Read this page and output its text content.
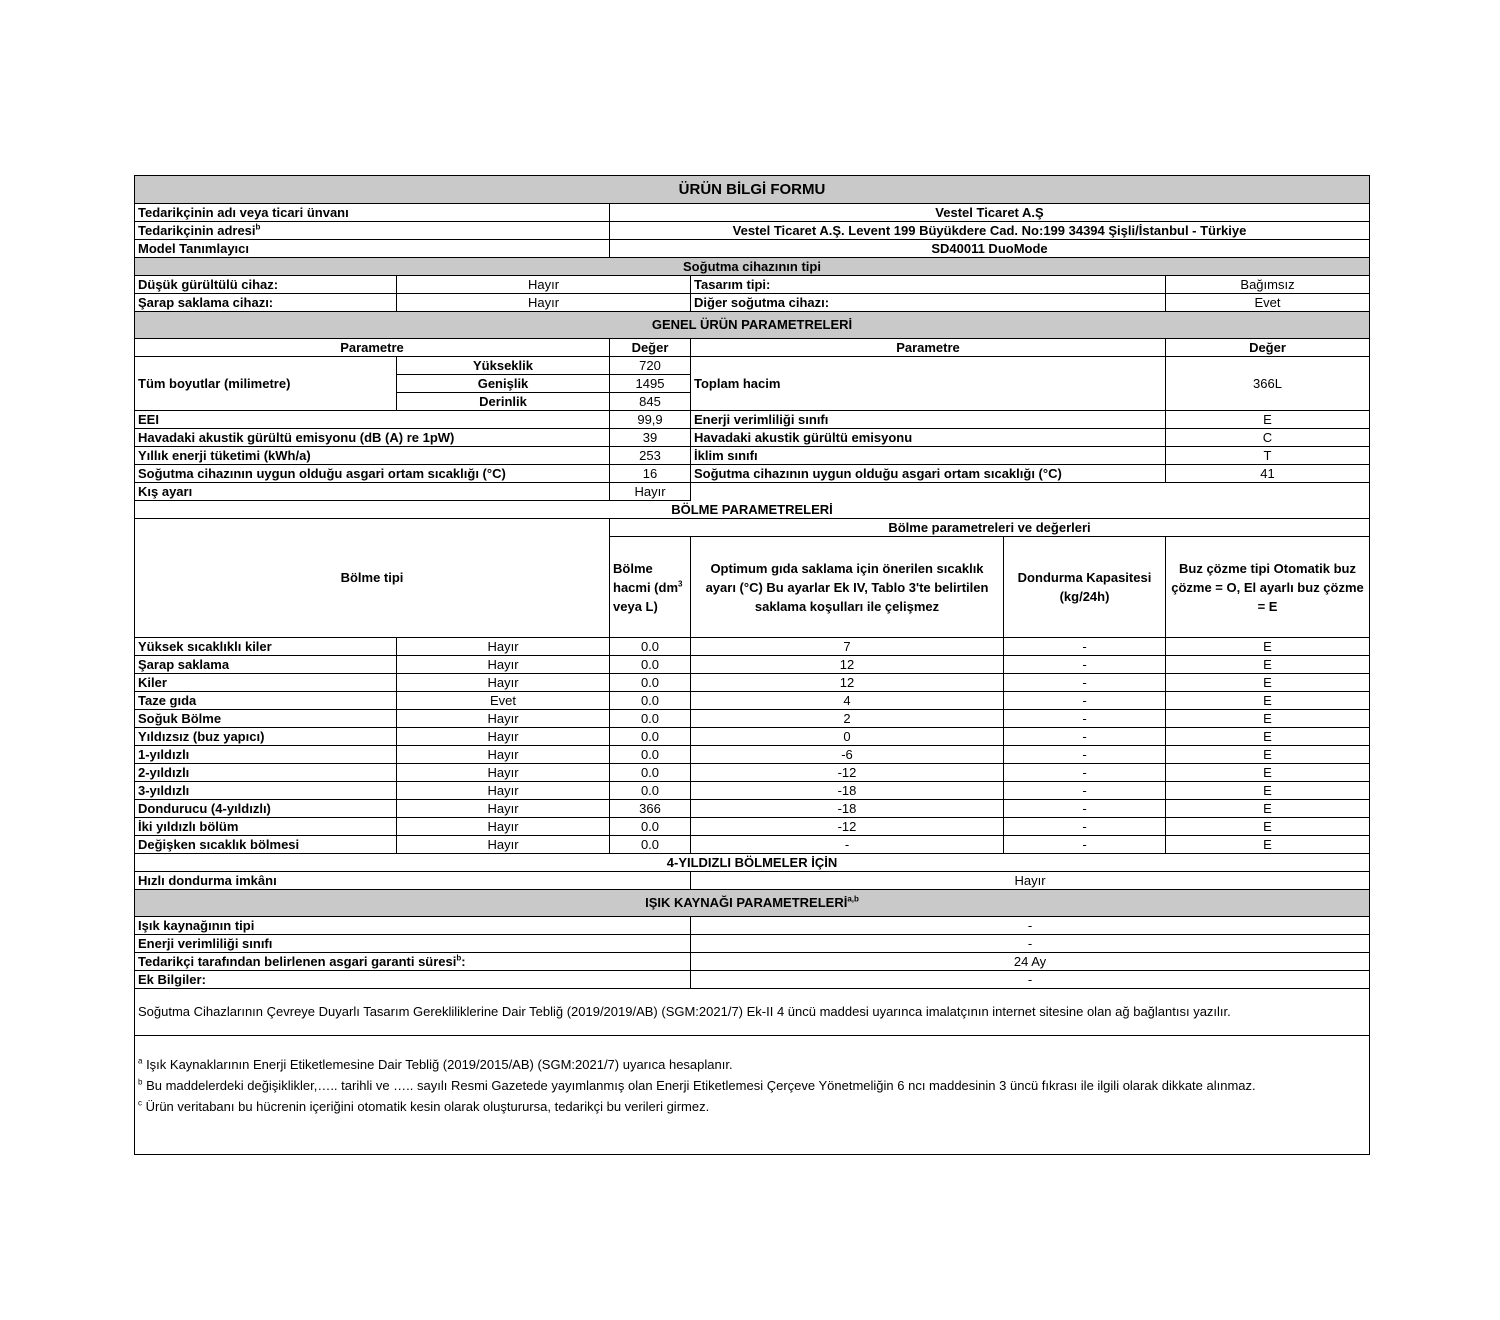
ÜRÜN BİLGİ FORMU					
Tedarikçinin adı veya ticari ünvanı		Vestel Ticaret A.Ş			
Tedarikçinin adresi$^b$		Vestel Ticaret A.Ş. Levent 199 Büyükdere Cad. No:199 34394 Şişli/İstanbul - Türkiye			
Model Tanımlayıcı		SD40011 DuoMode			
Soğutma cihazının tipi					
Düşük gürültülü cihaz:	Hayır		Tasarım tipi:		Bağımsız
Şarap saklama cihazı:	Hayır		Diğer soğutma cihazı:		Evet
GENEL ÜRÜN PARAMETRELERİ					
Parametre		Değer	Parametre		Değer
Tüm boyutlar (milimetre)	Yükseklik	720	Toplam hacim		366L
	Genişlik	1495			
	Derinlik	845			
EEI		99,9	Enerji verimliliği sınıfı		E
Havadaki akustik gürültü emisyonu (dB (A) re 1pW)		39	Havadaki akustik gürültü emisyonu		C
Yıllık enerji tüketimi (kWh/a)		253	İklim sınıfı		T
Soğutma cihazının uygun olduğu asgari ortam sıcaklığı (°C)		16	Soğutma cihazının uygun olduğu asgari ortam sıcaklığı (°C)		41
Kış ayarı		Hayır			
BÖLME PARAMETRELERİ					
Bölme tipi		Bölme parametreleri ve değerleri			
		Bölme hacmi ($dm^3$ veya L)	Optimum gıda saklama için önerilen sıcaklık ayarı (°C) Bu ayarlar Ek IV, Tablo 3'te belirtilen saklama koşulları ile çelişmez	Dondurma Kapasitesi (kg/24h)	Buz çözme tipi Otomatik buz çözme = O, El ayarlı buz çözme = E
Yüksek sıcaklıklı kiler	Hayır	0.0	7	-	E
Şarap saklama	Hayır	0.0	12	-	E
Kiler	Hayır	0.0	12	-	E
Taze gıda	Evet	0.0	4	-	E
Soğuk Bölme	Hayır	0.0	2	-	E
Yıldızsız (buz yapıcı)	Hayır	0.0	0	-	E
1-yıldızlı	Hayır	0.0	-6	-	E
2-yıldızlı	Hayır	0.0	-12	-	E
3-yıldızlı	Hayır	0.0	-18	-	E
Dondurucu (4-yıldızlı)	Hayır	366	-18	-	E
İki yıldızlı bölüm	Hayır	0.0	-12	-	E
Değişken sıcaklık bölmesi	Hayır	0.0	-	-	E
4-YILDIZLI BÖLMELER İÇİN					
Hızlı dondurma imkânı			Hayır		
IŞIK KAYNAĞI PARAMETRELERİ$^{a,b}$
Işık kaynağının tipi			-		
Enerji verimliliği sınıfı			-		
Tedarikçi tarafından belirlenen asgari garanti süresi$^b$:			24 Ay		
Ek Bilgiler:			-		
Soğutma Cihazlarının Çevreye Duyarlı Tasarım Gerekliliklerine Dair Tebliğ (2019/2019/AB) (SGM:2021/7) Ek-II 4 üncü maddesi uyarınca imalatçının internet sitesine olan ağ bağlantısı yazılır.					

$^a$ Işık Kaynaklarının Enerji Etiketlemesine Dair Tebliğ (2019/2015/AB) (SGM:2021/7) uyarıca hesaplanır.
$^b$ Bu maddelerdeki değişiklikler,….. tarihli ve ….. sayılı Resmi Gazetede yayımlanmış olan Enerji Etiketlemesi Çerçeve Yönetmeliğin 6 ncı maddesinin 3 üncü fıkrası ile ilgili olarak dikkate alınmaz.
$^c$ Ürün veritabanı bu hücrenin içeriğini otomatik kesin olarak oluşturursa, tedarikçi bu verileri girmez.					
